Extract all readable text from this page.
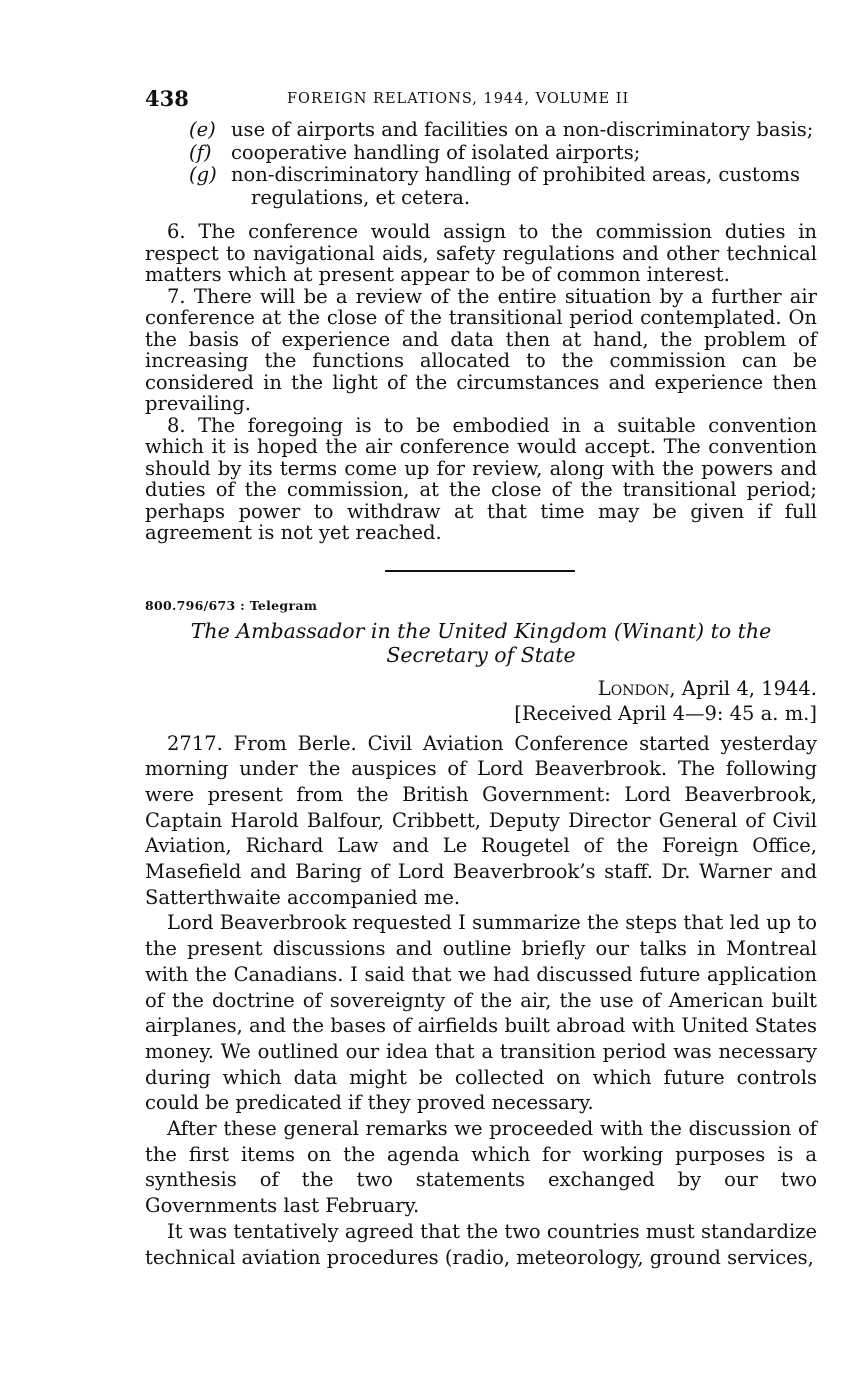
438	FOREIGN RELATIONS, 1944, VOLUME II
(e) use of airports and facilities on a non-discriminatory basis;
(f) cooperative handling of isolated airports;
(g) non-discriminatory handling of prohibited areas, customs
regulations, et cetera.

6. The conference would assign to the commission duties in respect to navigational aids, safety regulations and other technical matters which at present appear to be of common interest.

7. There will be a review of the entire situation by a further air conference at the close of the transitional period contemplated. On the basis of experience and data then at hand, the problem of increasing the functions allocated to the commission can be considered in the light of the circumstances and experience then prevailing.

8. The foregoing is to be embodied in a suitable convention which it is hoped the air conference would accept. The convention should by its terms come up for review, along with the powers and duties of the commission, at the close of the transitional period; perhaps power to withdraw at that time may be given if full agreement is not yet reached.

800.796/673 : Telegram
The Ambassador in the United Kingdom (Winant) to the Secretary of State
London, April 4, 1944.
[Received April 4—9: 45 a. m.]

2717. From Berle. Civil Aviation Conference started yesterday morning under the auspices of Lord Beaverbrook. The following were present from the British Government: Lord Beaverbrook, Captain Harold Balfour, Cribbett, Deputy Director General of Civil Aviation, Richard Law and Le Rougetel of the Foreign Office, Masefield and Baring of Lord Beaverbrook’s staff. Dr. Warner and Satterthwaite accompanied me.

Lord Beaverbrook requested I summarize the steps that led up to the present discussions and outline briefly our talks in Montreal with the Canadians. I said that we had discussed future application of the doctrine of sovereignty of the air, the use of American built airplanes, and the bases of airfields built abroad with United States money. We outlined our idea that a transition period was necessary during which data might be collected on which future controls could be predicated if they proved necessary.

After these general remarks we proceeded with the discussion of the first items on the agenda which for working purposes is a synthesis of the two statements exchanged by our two Governments last February.

It was tentatively agreed that the two countries must standardize technical aviation procedures (radio, meteorology, ground services,
